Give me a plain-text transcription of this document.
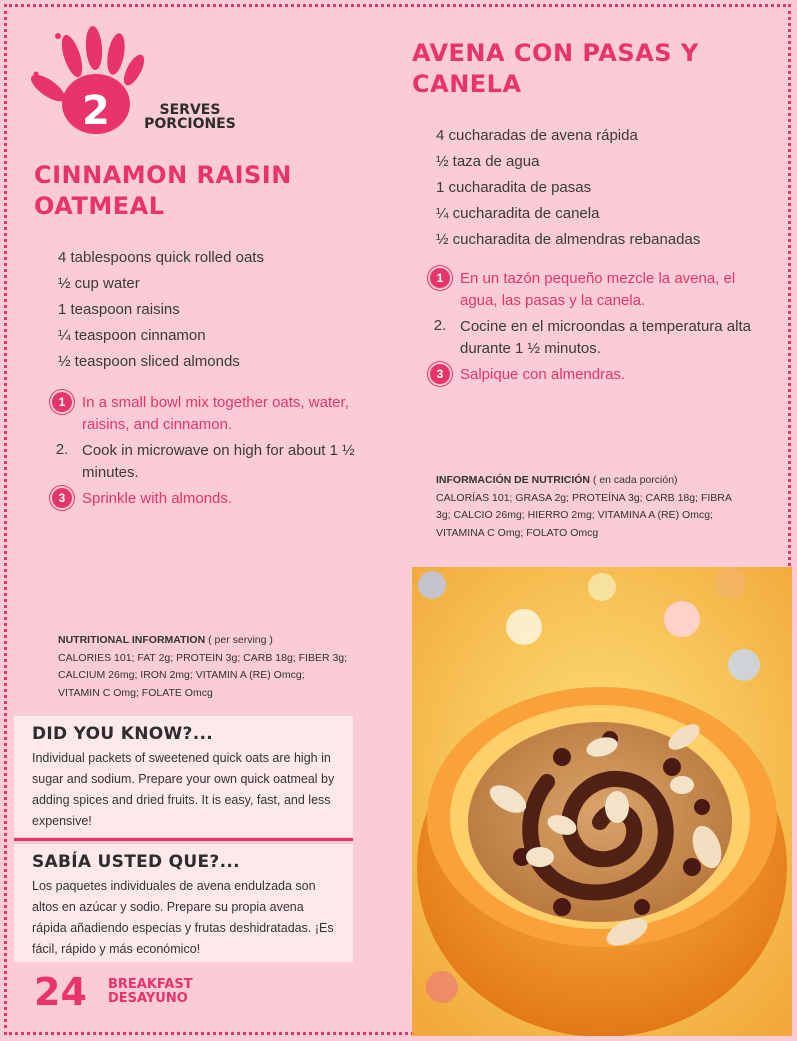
2	SERVES
PORCIONES
CINNAMON RAISIN OATMEAL
4 tablespoons quick rolled oats
½ cup water
1 teaspoon raisins
¼ teaspoon cinnamon
½ teaspoon sliced almonds
1	In a small bowl mix together oats, water, raisins, and cinnamon.
2. Cook in microwave on high for about 1 ½ minutes.
3	Sprinkle with almonds.
NUTRITIONAL INFORMATION ( per serving )
CALORIES 101; FAT 2g; PROTEIN 3g; CARB 18g; FIBER 3g; CALCIUM 26mg; IRON 2mg; VITAMIN A (RE) Omcg; VITAMIN C Omg; FOLATE Omcg
AVENA CON PASAS Y CANELA
4 cucharadas de avena rápida
½ taza de agua
1 cucharadita de pasas
¼ cucharadita de canela
½ cucharadita de almendras rebanadas
1	En un tazón pequeño mezcle la avena, el agua, las pasas y la canela.
2. Cocine en el microondas a temperatura alta durante 1 ½ minutos.
3	Salpique con almendras.
INFORMACIÓN DE NUTRICIÓN ( en cada porción)
CALORÍAS 101; GRASA 2g; PROTEÍNA 3g; CARB 18g; FIBRA 3g; CALCIO 26mg; HIERRO 2mg; VITAMINA A (RE) Omcg; VITAMINA C Omg; FOLATO Omcg
DID YOU KNOW?...

Individual packets of sweetened quick oats are high in sugar and sodium. Prepare your own quick oatmeal by adding spices and dried fruits. It is easy, fast, and less expensive!

SABÍA USTED QUE?...

Los paquetes individuales de avena endulzada son altos en azúcar y sodio. Prepare su propia avena rápida añadiendo especias y frutas deshidratadas. ¡Es fácil, rápido y más económico!

24 BREAKFAST
DESAYUNO
